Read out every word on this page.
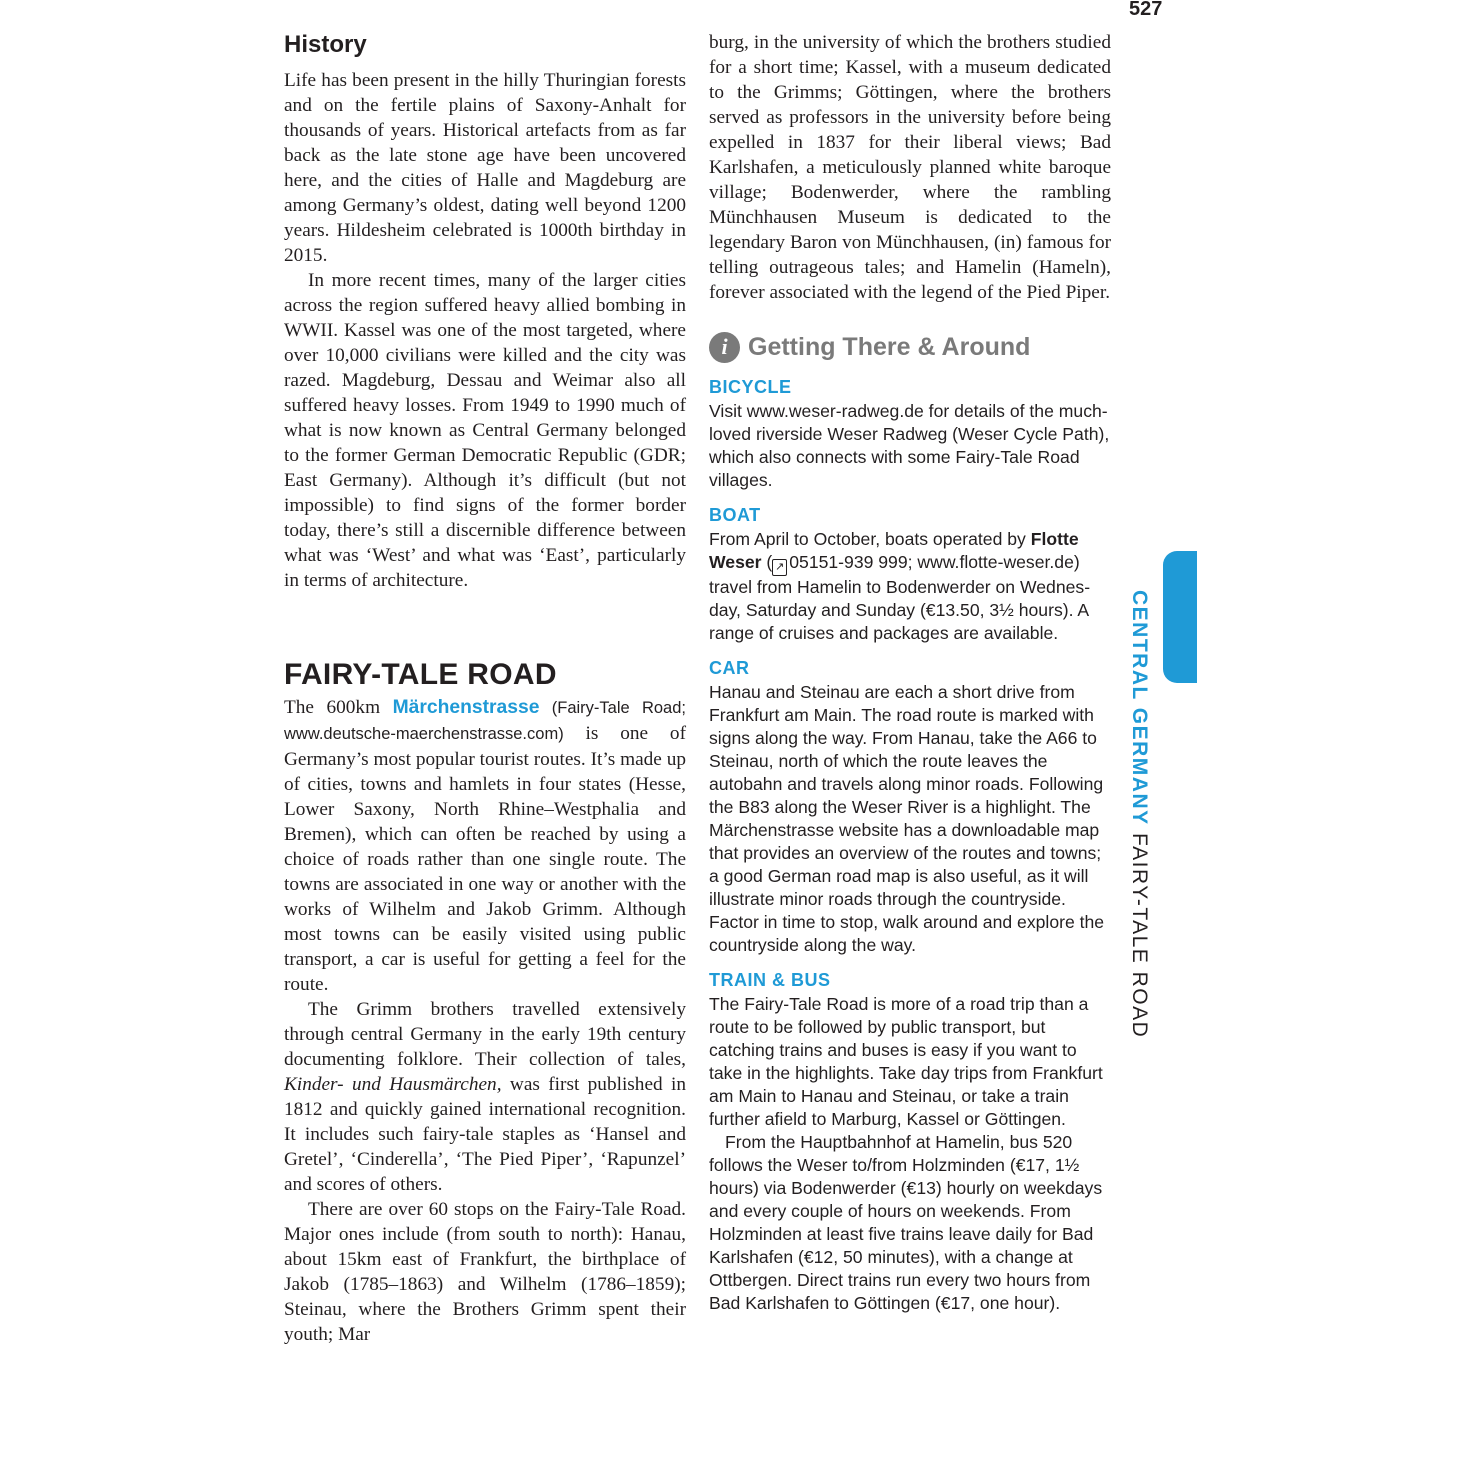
527
History

Life has been present in the hilly Thuringian forests and on the fertile plains of Saxony-Anhalt for thousands of years. Historical artefacts from as far back as the late stone age have been uncovered here, and the cities of Halle and Magdeburg are among Germany’s oldest, dating well beyond 1200 years. Hildesheim celebrated is 1000th birthday in 2015.

In more recent times, many of the larger cities across the region suffered heavy allied bombing in WWII. Kassel was one of the most targeted, where over 10,000 civilians were killed and the city was razed. Magdeburg, Dessau and Weimar also all suffered heavy losses. From 1949 to 1990 much of what is now known as Central Germany belonged to the former German Democratic Republic (GDR; East Germany). Although it’s difficult (but not impossible) to find signs of the former border today, there’s still a discernible difference between what was ‘West’ and what was ‘East’, particularly in terms of architecture.

FAIRY-TALE ROAD

The 600km Märchenstrasse (Fairy-Tale Road; www.deutsche-maerchenstrasse.com) is one of Germany’s most popular tourist routes. It’s made up of cities, towns and hamlets in four states (Hesse, Lower Saxony, North Rhine–Westphalia and Bremen), which can often be reached by using a choice of roads rather than one single route. The towns are associated in one way or another with the works of Wilhelm and Jakob Grimm. Although most towns can be easily visited using public transport, a car is useful for getting a feel for the route.

The Grimm brothers travelled extensively through central Germany in the early 19th century documenting folklore. Their collection of tales, Kinder- und Hausmärchen, was first published in 1812 and quickly gained international recognition. It includes such fairy-tale staples as ‘Hansel and Gretel’, ‘Cinderella’, ‘The Pied Piper’, ‘Rapunzel’ and scores of others.

There are over 60 stops on the Fairy-Tale Road. Major ones include (from south to north): Hanau, about 15km east of Frankfurt, the birthplace of Jakob (1785–1863) and Wilhelm (1786–1859); Steinau, where the Brothers Grimm spent their youth; Mar

burg, in the university of which the brothers studied for a short time; Kassel, with a museum dedicated to the Grimms; Göttingen, where the brothers served as professors in the university before being expelled in 1837 for their liberal views; Bad Karlshafen, a meticulously planned white baroque village; Bodenwerder, where the rambling Münchhausen Museum is dedicated to the legendary Baron von Münchhausen, (in) famous for telling outrageous tales; and Hamelin (Hameln), forever associated with the legend of the Pied Piper.

i Getting There & Around
BICYCLE

Visit www.weser-radweg.de for details of the much-loved riverside Weser Radweg (Weser Cycle Path), which also connects with some Fairy-Tale Road villages.

BOAT

From April to October, boats operated by Flotte Weser ( ↗ 05151-939 999; www.flotte-weser.de) travel from Hamelin to Bodenwerder on Wednesday, Saturday and Sunday (€13.50, 3½ hours). A range of cruises and packages are available.

CAR

Hanau and Steinau are each a short drive from Frankfurt am Main. The road route is marked with signs along the way. From Hanau, take the A66 to Steinau, north of which the route leaves the autobahn and travels along minor roads. Following the B83 along the Weser River is a highlight. The Märchenstrasse website has a downloadable map that provides an overview of the routes and towns; a good German road map is also useful, as it will illustrate minor roads through the countryside. Factor in time to stop, walk around and explore the countryside along the way.

TRAIN & BUS

The Fairy-Tale Road is more of a road trip than a route to be followed by public transport, but catching trains and buses is easy if you want to take in the highlights. Take day trips from Frankfurt am Main to Hanau and Steinau, or take a train further afield to Marburg, Kassel or Göttingen.

From the Hauptbahnhof at Hamelin, bus 520 follows the Weser to/from Holzminden (€17, 1½ hours) via Bodenwerder (€13) hourly on weekdays and every couple of hours on weekends. From Holzminden at least five trains leave daily for Bad Karlshafen (€12, 50 minutes), with a change at Ottbergen. Direct trains run every two hours from Bad Karlshafen to Göttingen (€17, one hour).

CENTRAL GERMANY FAIRY-TALE ROAD
